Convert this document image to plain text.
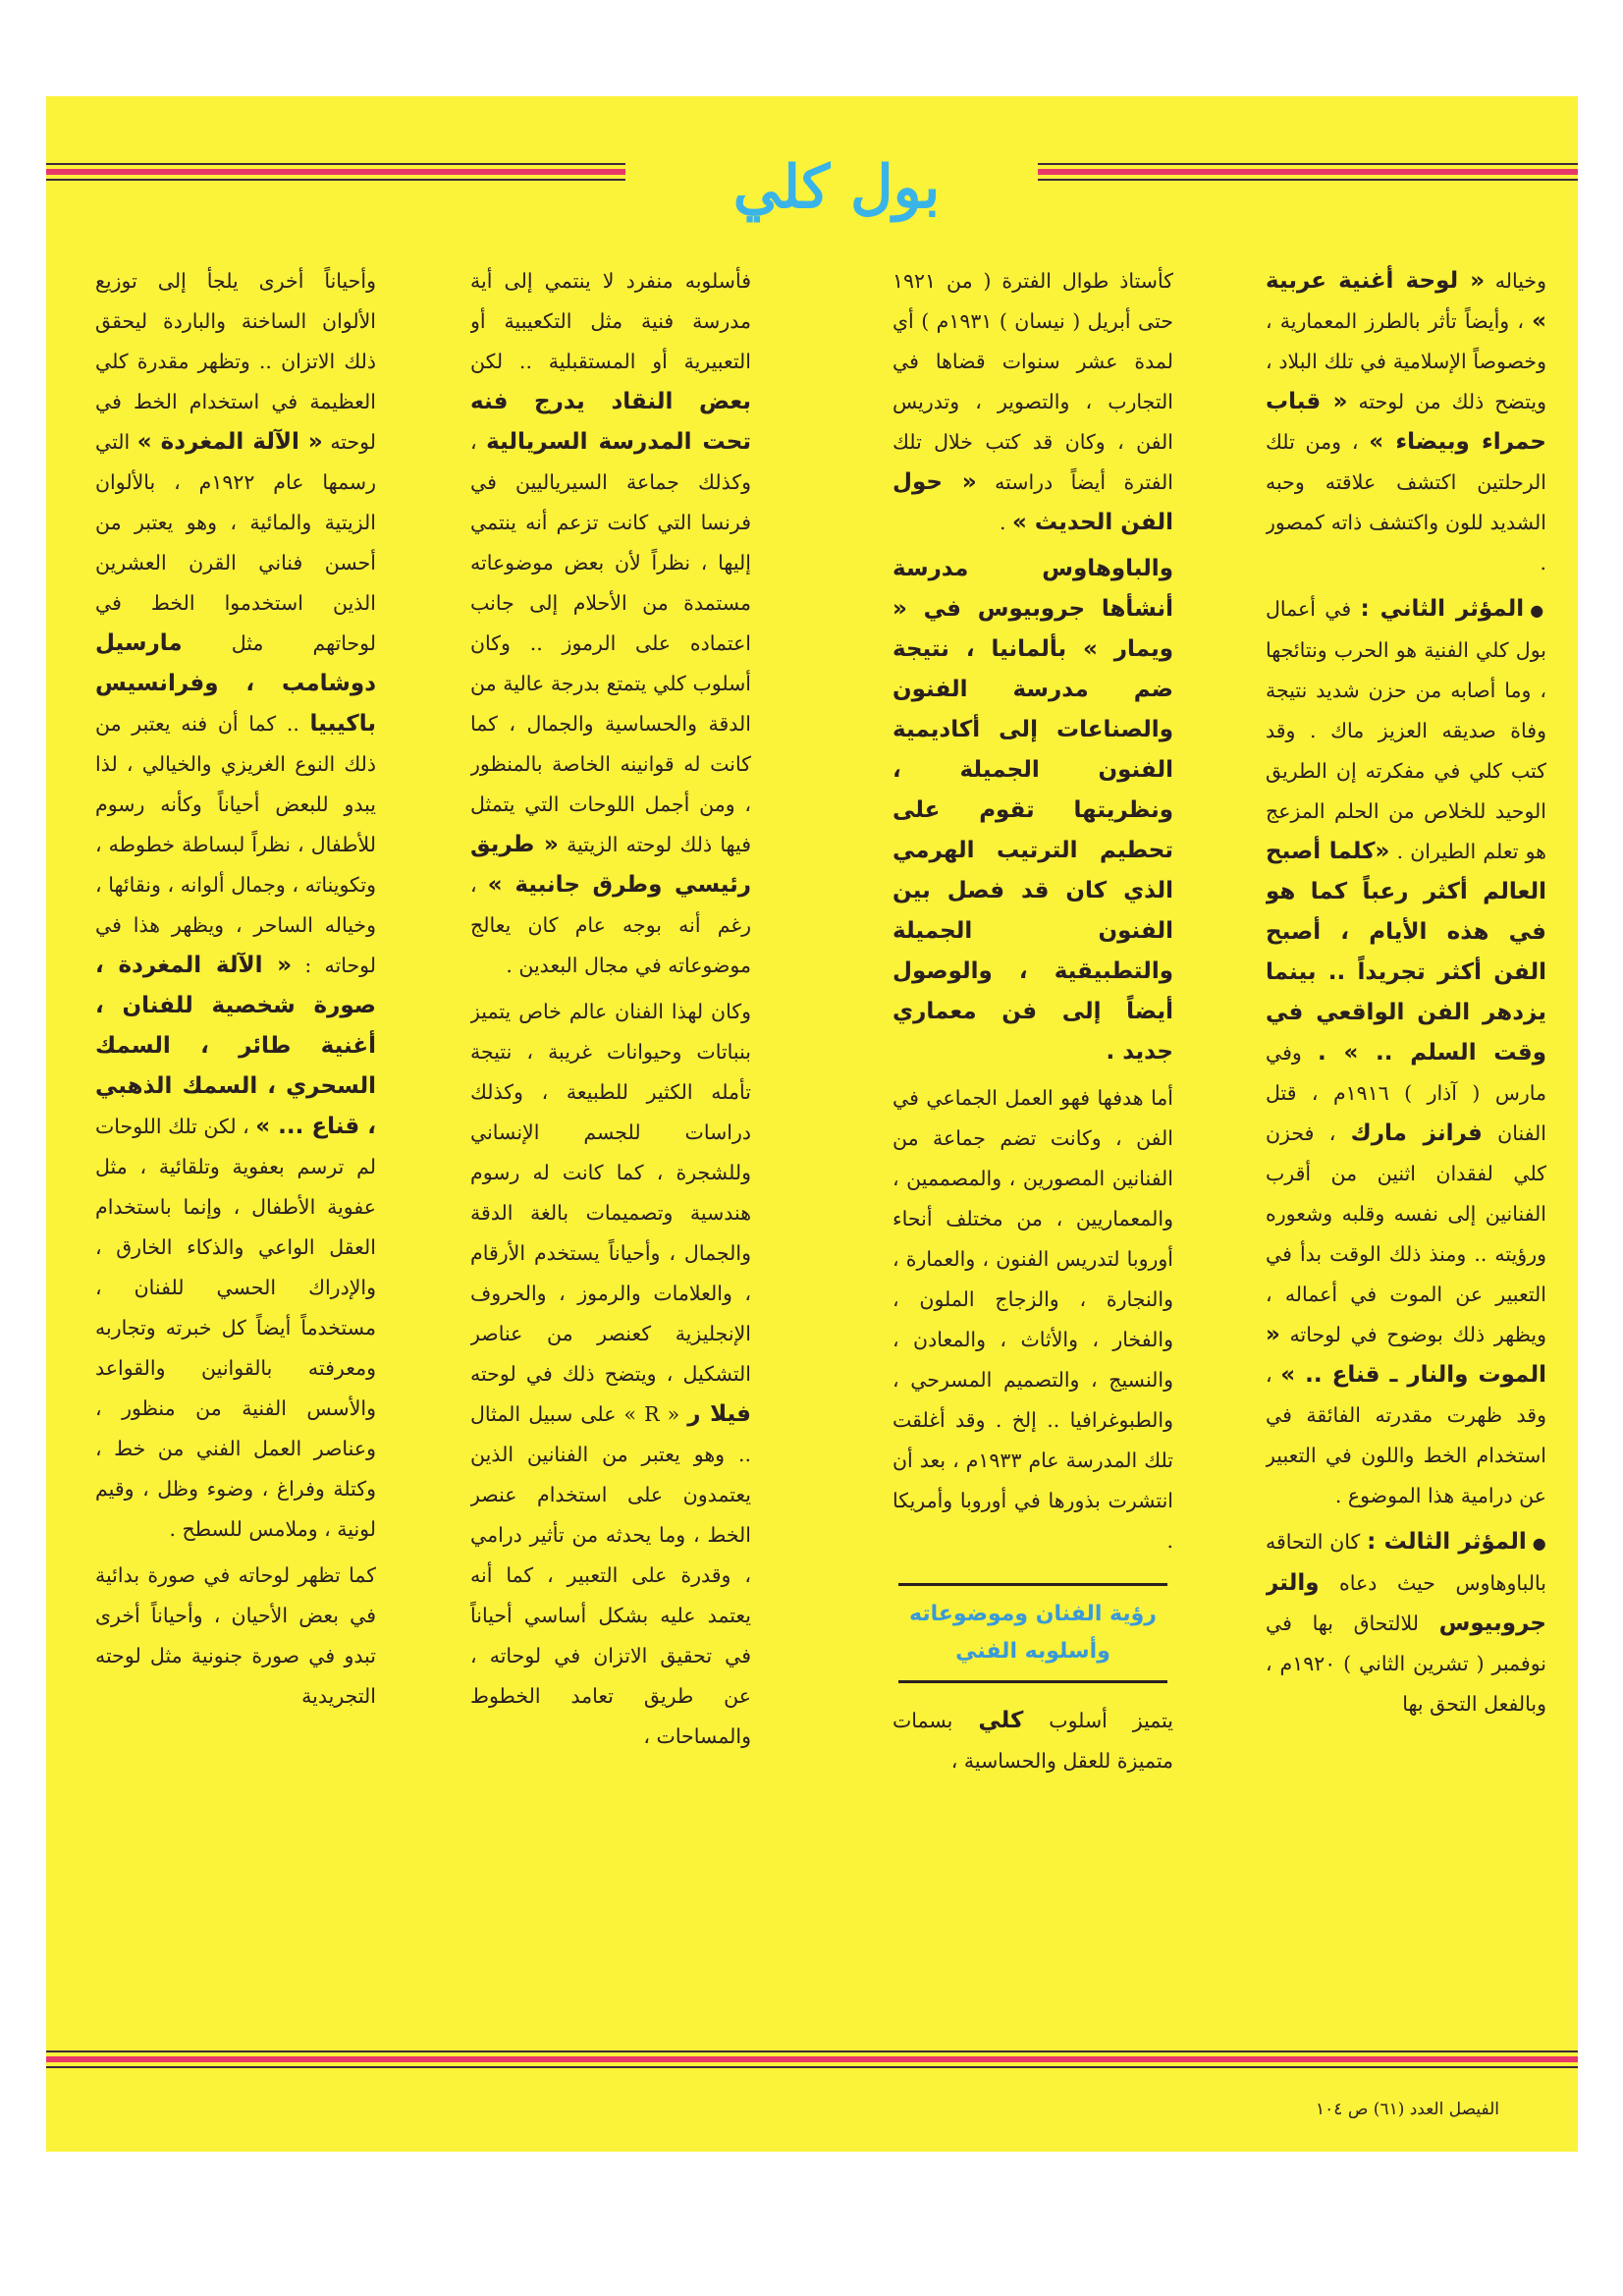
بول كلي

وخياله « لوحة أغنية عربية » ، وأيضاً تأثر بالطرز المعمارية ، وخصوصاً الإسلامية في تلك البلاد ، ويتضح ذلك من لوحته « قباب حمراء وبيضاء » ، ومن تلك الرحلتين اكتشف علاقته وحبه الشديد للون واكتشف ذاته كمصور .

● المؤثر الثاني : في أعمال بول كلي الفنية هو الحرب ونتائجها ، وما أصابه من حزن شديد نتيجة وفاة صديقه العزيز ماك . وقد كتب كلي في مفكرته إن الطريق الوحيد للخلاص من الحلم المزعج هو تعلم الطيران . «كلما أصبح العالم أكثر رعباً كما هو في هذه الأيام ، أصبح الفن أكثر تجريداً .. بينما يزدهر الفن الواقعي في وقت السلم .. » . وفي مارس ( آذار ) ١٩١٦م ، قتل الفنان فرانز مارك ، فحزن كلي لفقدان اثنين من أقرب الفنانين إلى نفسه وقلبه وشعوره ورؤيته .. ومنذ ذلك الوقت بدأ في التعبير عن الموت في أعماله ، ويظهر ذلك بوضوح في لوحاته « الموت والنار ـ قناع .. » ، وقد ظهرت مقدرته الفائقة في استخدام الخط واللون في التعبير عن درامية هذا الموضوع .

● المؤثر الثالث : كان التحاقه بالباوهاوس حيث دعاه والتر جروبيوس للالتحاق بها في نوفمبر ( تشرين الثاني ) ١٩٢٠م ، وبالفعل التحق بها

كأستاذ طوال الفترة ( من ١٩٢١ حتى أبريل ( نيسان ) ١٩٣١م ) أي لمدة عشر سنوات قضاها في التجارب ، والتصوير ، وتدريس الفن ، وكان قد كتب خلال تلك الفترة أيضاً دراسته « حول الفن الحديث » .

والباوهاوس مدرسة أنشأها جروبيوس في « ويمار » بألمانيا ، نتيجة ضم مدرسة الفنون والصناعات إلى أكاديمية الفنون الجميلة ، ونظريتها تقوم على تحطيم الترتيب الهرمي الذي كان قد فصل بين الفنون الجميلة والتطبيقية ، والوصول أيضاً إلى فن معماري جديد .

أما هدفها فهو العمل الجماعي في الفن ، وكانت تضم جماعة من الفنانين المصورين ، والمصممين ، والمعماريين ، من مختلف أنحاء أوروبا لتدريس الفنون ، والعمارة ، والنجارة ، والزجاج الملون ، والفخار ، والأثاث ، والمعادن ، والنسيج ، والتصميم المسرحي ، والطبوغرافيا .. إلخ . وقد أغلقت تلك المدرسة عام ١٩٣٣م ، بعد أن انتشرت بذورها في أوروبا وأمريكا .

رؤية الفنان وموضوعاته وأسلوبه الفني

يتميز أسلوب كلي بسمات متميزة للعقل والحساسية ،

فأسلوبه منفرد لا ينتمي إلى أية مدرسة فنية مثل التكعيبية أو التعبيرية أو المستقبلية .. لكن بعض النقاد يدرج فنه تحت المدرسة السريالية ، وكذلك جماعة السيرياليين في فرنسا التي كانت تزعم أنه ينتمي إليها ، نظراً لأن بعض موضوعاته مستمدة من الأحلام إلى جانب اعتماده على الرموز .. وكان أسلوب كلي يتمتع بدرجة عالية من الدقة والحساسية والجمال ، كما كانت له قوانينه الخاصة بالمنظور ، ومن أجمل اللوحات التي يتمثل فيها ذلك لوحته الزيتية « طريق رئيسي وطرق جانبية » ، رغم أنه بوجه عام كان يعالج موضوعاته في مجال البعدين .

وكان لهذا الفنان عالم خاص يتميز بنباتات وحيوانات غريبة ، نتيجة تأمله الكثير للطبيعة ، وكذلك دراسات للجسم الإنساني وللشجرة ، كما كانت له رسوم هندسية وتصميمات بالغة الدقة والجمال ، وأحياناً يستخدم الأرقام ، والعلامات والرموز ، والحروف الإنجليزية كعنصر من عناصر التشكيل ، ويتضح ذلك في لوحته فيلا ر « R » على سبيل المثال .. وهو يعتبر من الفنانين الذين يعتمدون على استخدام عنصر الخط ، وما يحدثه من تأثير درامي ، وقدرة على التعبير ، كما أنه يعتمد عليه بشكل أساسي أحياناً في تحقيق الاتزان في لوحاته ، عن طريق تعامد الخطوط والمساحات ،

وأحياناً أخرى يلجأ إلى توزيع الألوان الساخنة والباردة ليحقق ذلك الاتزان .. وتظهر مقدرة كلي العظيمة في استخدام الخط في لوحته « الآلة المغردة » التي رسمها عام ١٩٢٢م ، بالألوان الزيتية والمائية ، وهو يعتبر من أحسن فناني القرن العشرين الذين استخدموا الخط في لوحاتهم مثل مارسيل دوشامب ، وفرانسيس باكيبيا .. كما أن فنه يعتبر من ذلك النوع الغريزي والخيالي ، لذا يبدو للبعض أحياناً وكأنه رسوم للأطفال ، نظراً لبساطة خطوطه ، وتكويناته ، وجمال ألوانه ، ونقائها ، وخياله الساحر ، ويظهر هذا في لوحاته : « الآلة المغردة ، صورة شخصية للفنان ، أغنية طائر ، السمك السحري ، السمك الذهبي ، قناع ... » ، لكن تلك اللوحات لم ترسم بعفوية وتلقائية ، مثل عفوية الأطفال ، وإنما باستخدام العقل الواعي والذكاء الخارق ، والإدراك الحسي للفنان ، مستخدماً أيضاً كل خبرته وتجاربه ومعرفته بالقوانين والقواعد والأسس الفنية من منظور ، وعناصر العمل الفني من خط ، وكتلة وفراغ ، وضوء وظل ، وقيم لونية ، وملامس للسطح .

كما تظهر لوحاته في صورة بدائية في بعض الأحيان ، وأحياناً أخرى تبدو في صورة جنونية مثل لوحته التجريدية

الفيصل العدد (٦١) ص ١٠٤
